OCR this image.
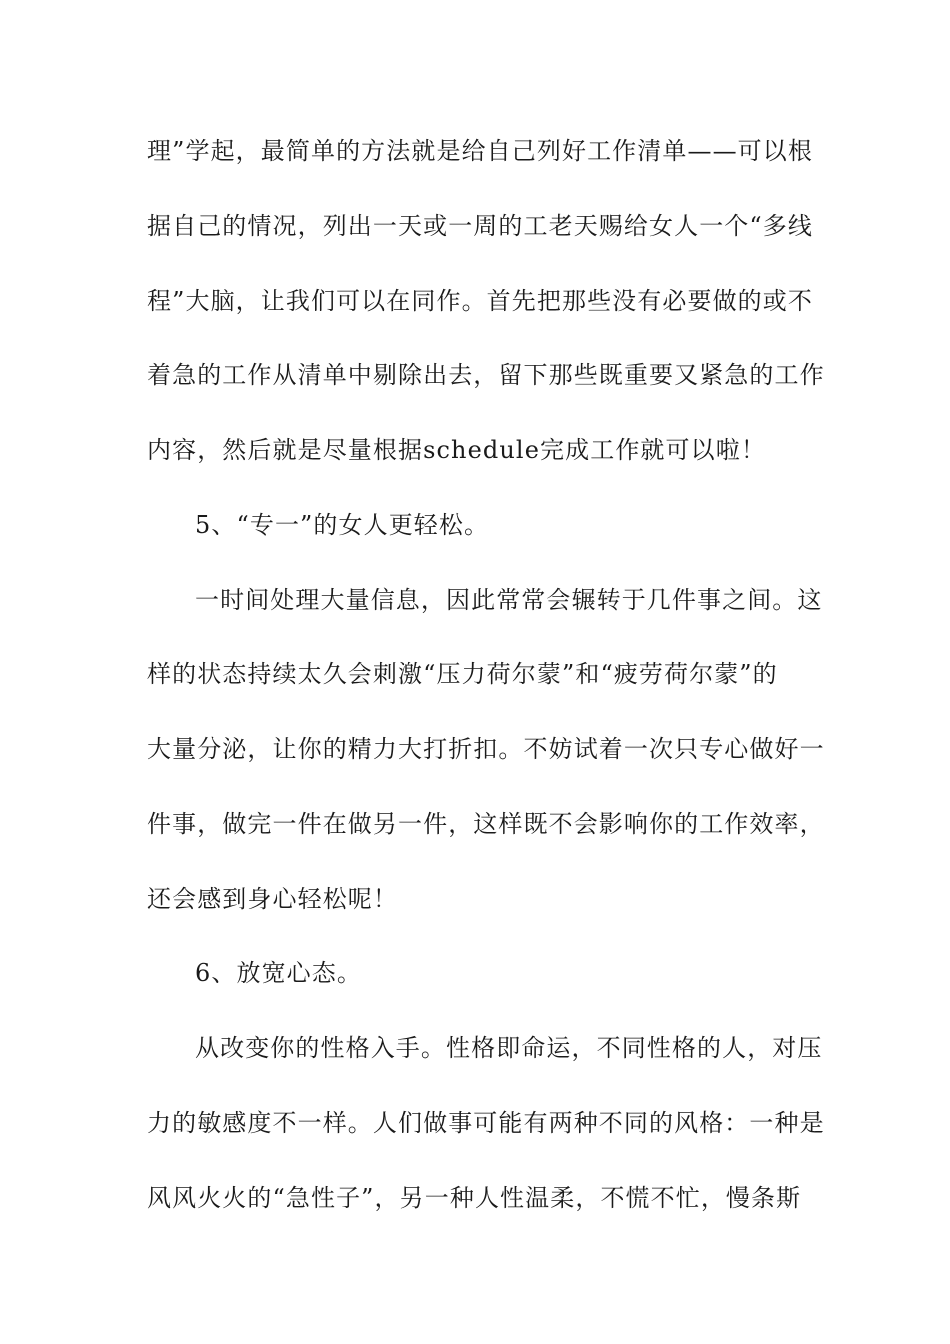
理”学起，最简单的方法就是给自己列好工作清单——可以根
据自己的情况，列出一天或一周的工老天赐给女人一个“多线
程”大脑，让我们可以在同作。首先把那些没有必要做的或不
着急的工作从清单中剔除出去，留下那些既重要又紧急的工作
内容，然后就是尽量根据schedule完成工作就可以啦！
5、“专一”的女人更轻松。
一时间处理大量信息，因此常常会辗转于几件事之间。这
样的状态持续太久会刺激“压力荷尔蒙”和“疲劳荷尔蒙”的
大量分泌，让你的精力大打折扣。不妨试着一次只专心做好一
件事，做完一件在做另一件，这样既不会影响你的工作效率，
还会感到身心轻松呢！
6、放宽心态。
从改变你的性格入手。性格即命运，不同性格的人，对压
力的敏感度不一样。人们做事可能有两种不同的风格：一种是
风风火火的“急性子”，另一种人性温柔，不慌不忙，慢条斯
